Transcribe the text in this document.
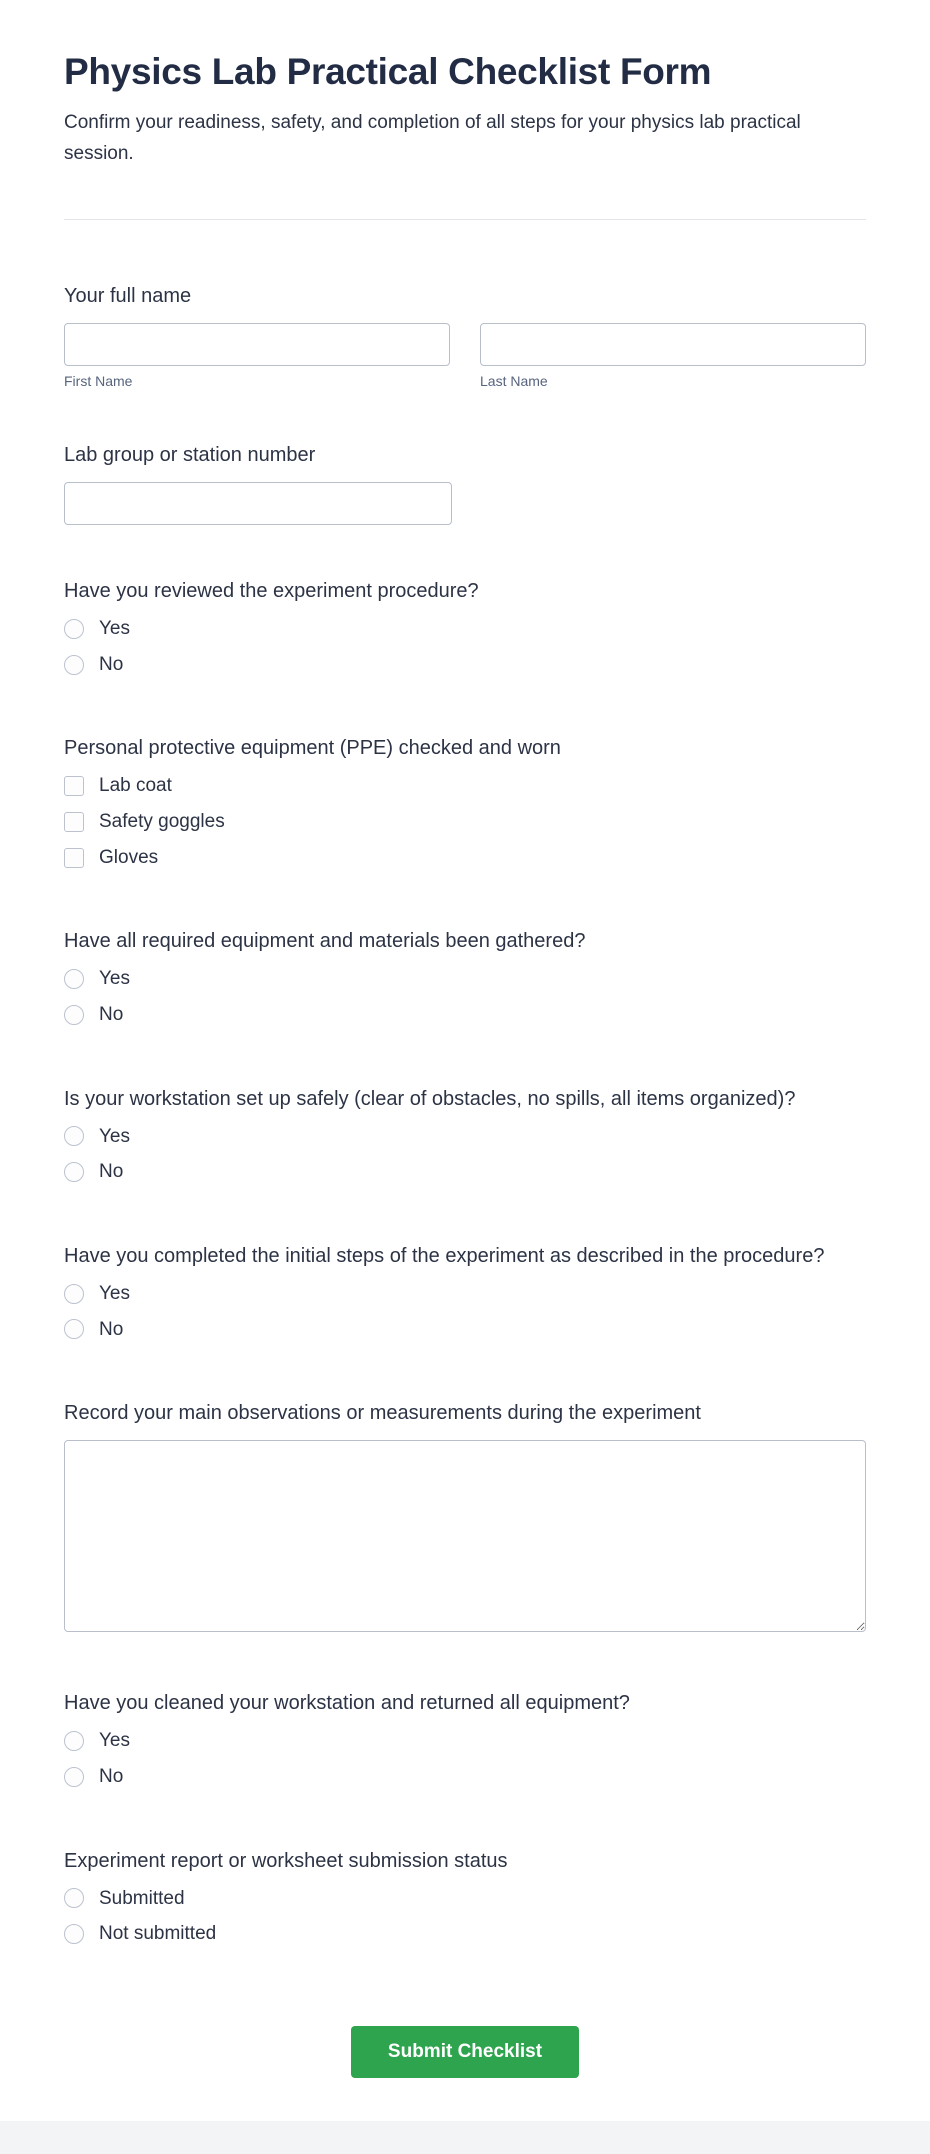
Physics Lab Practical Checklist Form
Confirm your readiness, safety, and completion of all steps for your physics lab practical session.
Your full name
First Name	Last Name
Lab group or station number
Have you reviewed the experiment procedure?
Yes
No
Personal protective equipment (PPE) checked and worn
Lab coat
Safety goggles
Gloves
Have all required equipment and materials been gathered?
Yes
No
Is your workstation set up safely (clear of obstacles, no spills, all items organized)?
Yes
No
Have you completed the initial steps of the experiment as described in the procedure?
Yes
No
Record your main observations or measurements during the experiment
Have you cleaned your workstation and returned all equipment?
Yes
No
Experiment report or worksheet submission status
Submitted
Not submitted
Submit Checklist
